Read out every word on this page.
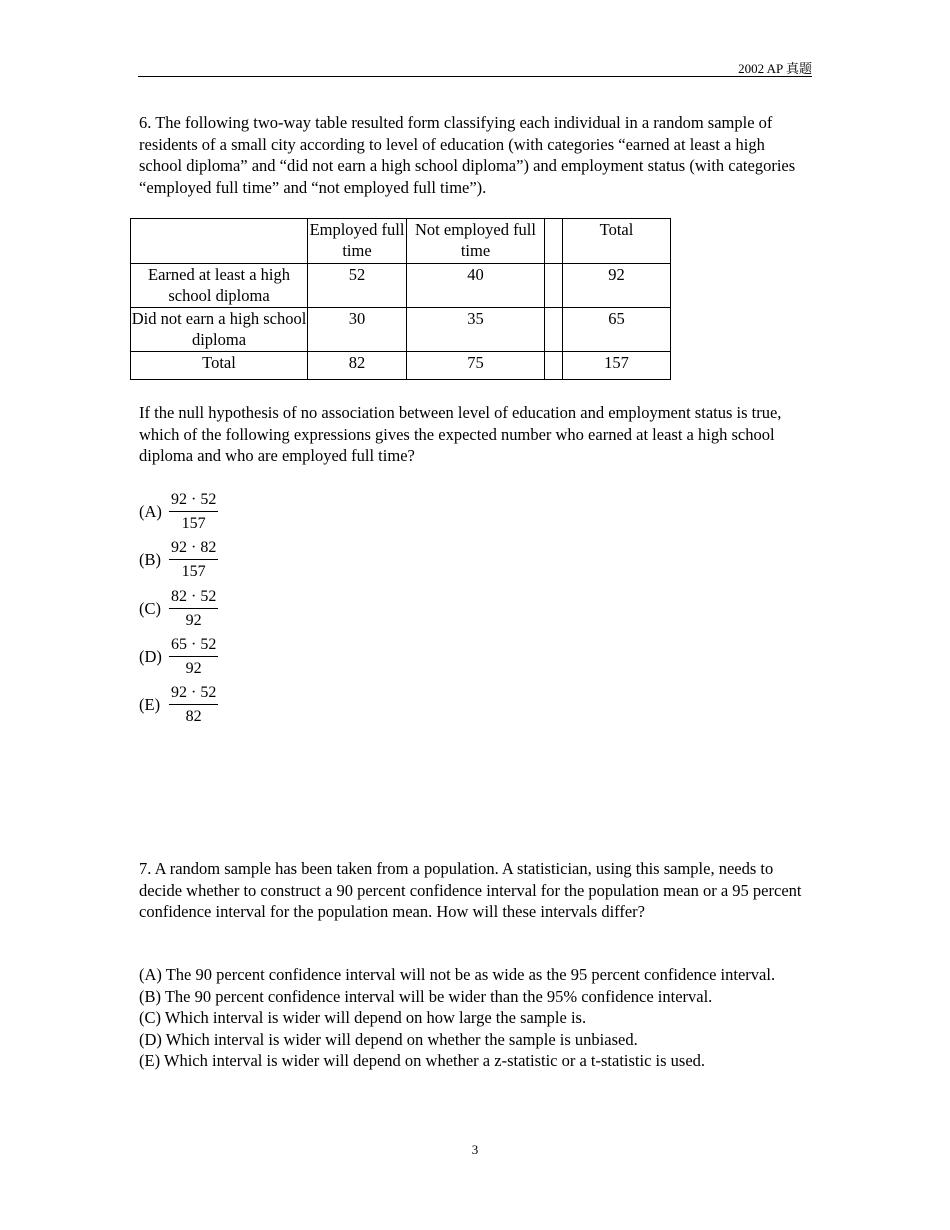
2002 AP 真题
6. The following two-way table resulted form classifying each individual in a random sample of residents of a small city according to level of education (with categories “earned at least a high school diploma” and “did not earn a high school diploma”) and employment status (with categories “employed full time” and “not employed full time”).
	Employed full time	Not employed full time		Total
Earned at least a high school diploma	52	40		92
Did not earn a high school diploma	30	35		65
Total	82	75		157
If the null hypothesis of no association between level of education and employment status is true, which of the following expressions gives the expected number who earned at least a high school diploma and who are employed full time?
$(A) \frac{92 \cdot 52}{157}$
$(B) \frac{92 \cdot 82}{157}$
$(C) \frac{82 \cdot 52}{92}$
$(D) \frac{65 \cdot 52}{92}$
$(E) \frac{92 \cdot 52}{82}$
7. A random sample has been taken from a population. A statistician, using this sample, needs to decide whether to construct a 90 percent confidence interval for the population mean or a 95 percent confidence interval for the population mean. How will these intervals differ?
(A) The 90 percent confidence interval will not be as wide as the 95 percent confidence interval.
(B) The 90 percent confidence interval will be wider than the 95% confidence interval.
(C) Which interval is wider will depend on how large the sample is.
(D) Which interval is wider will depend on whether the sample is unbiased.
(E) Which interval is wider will depend on whether a z-statistic or a t-statistic is used.
3
